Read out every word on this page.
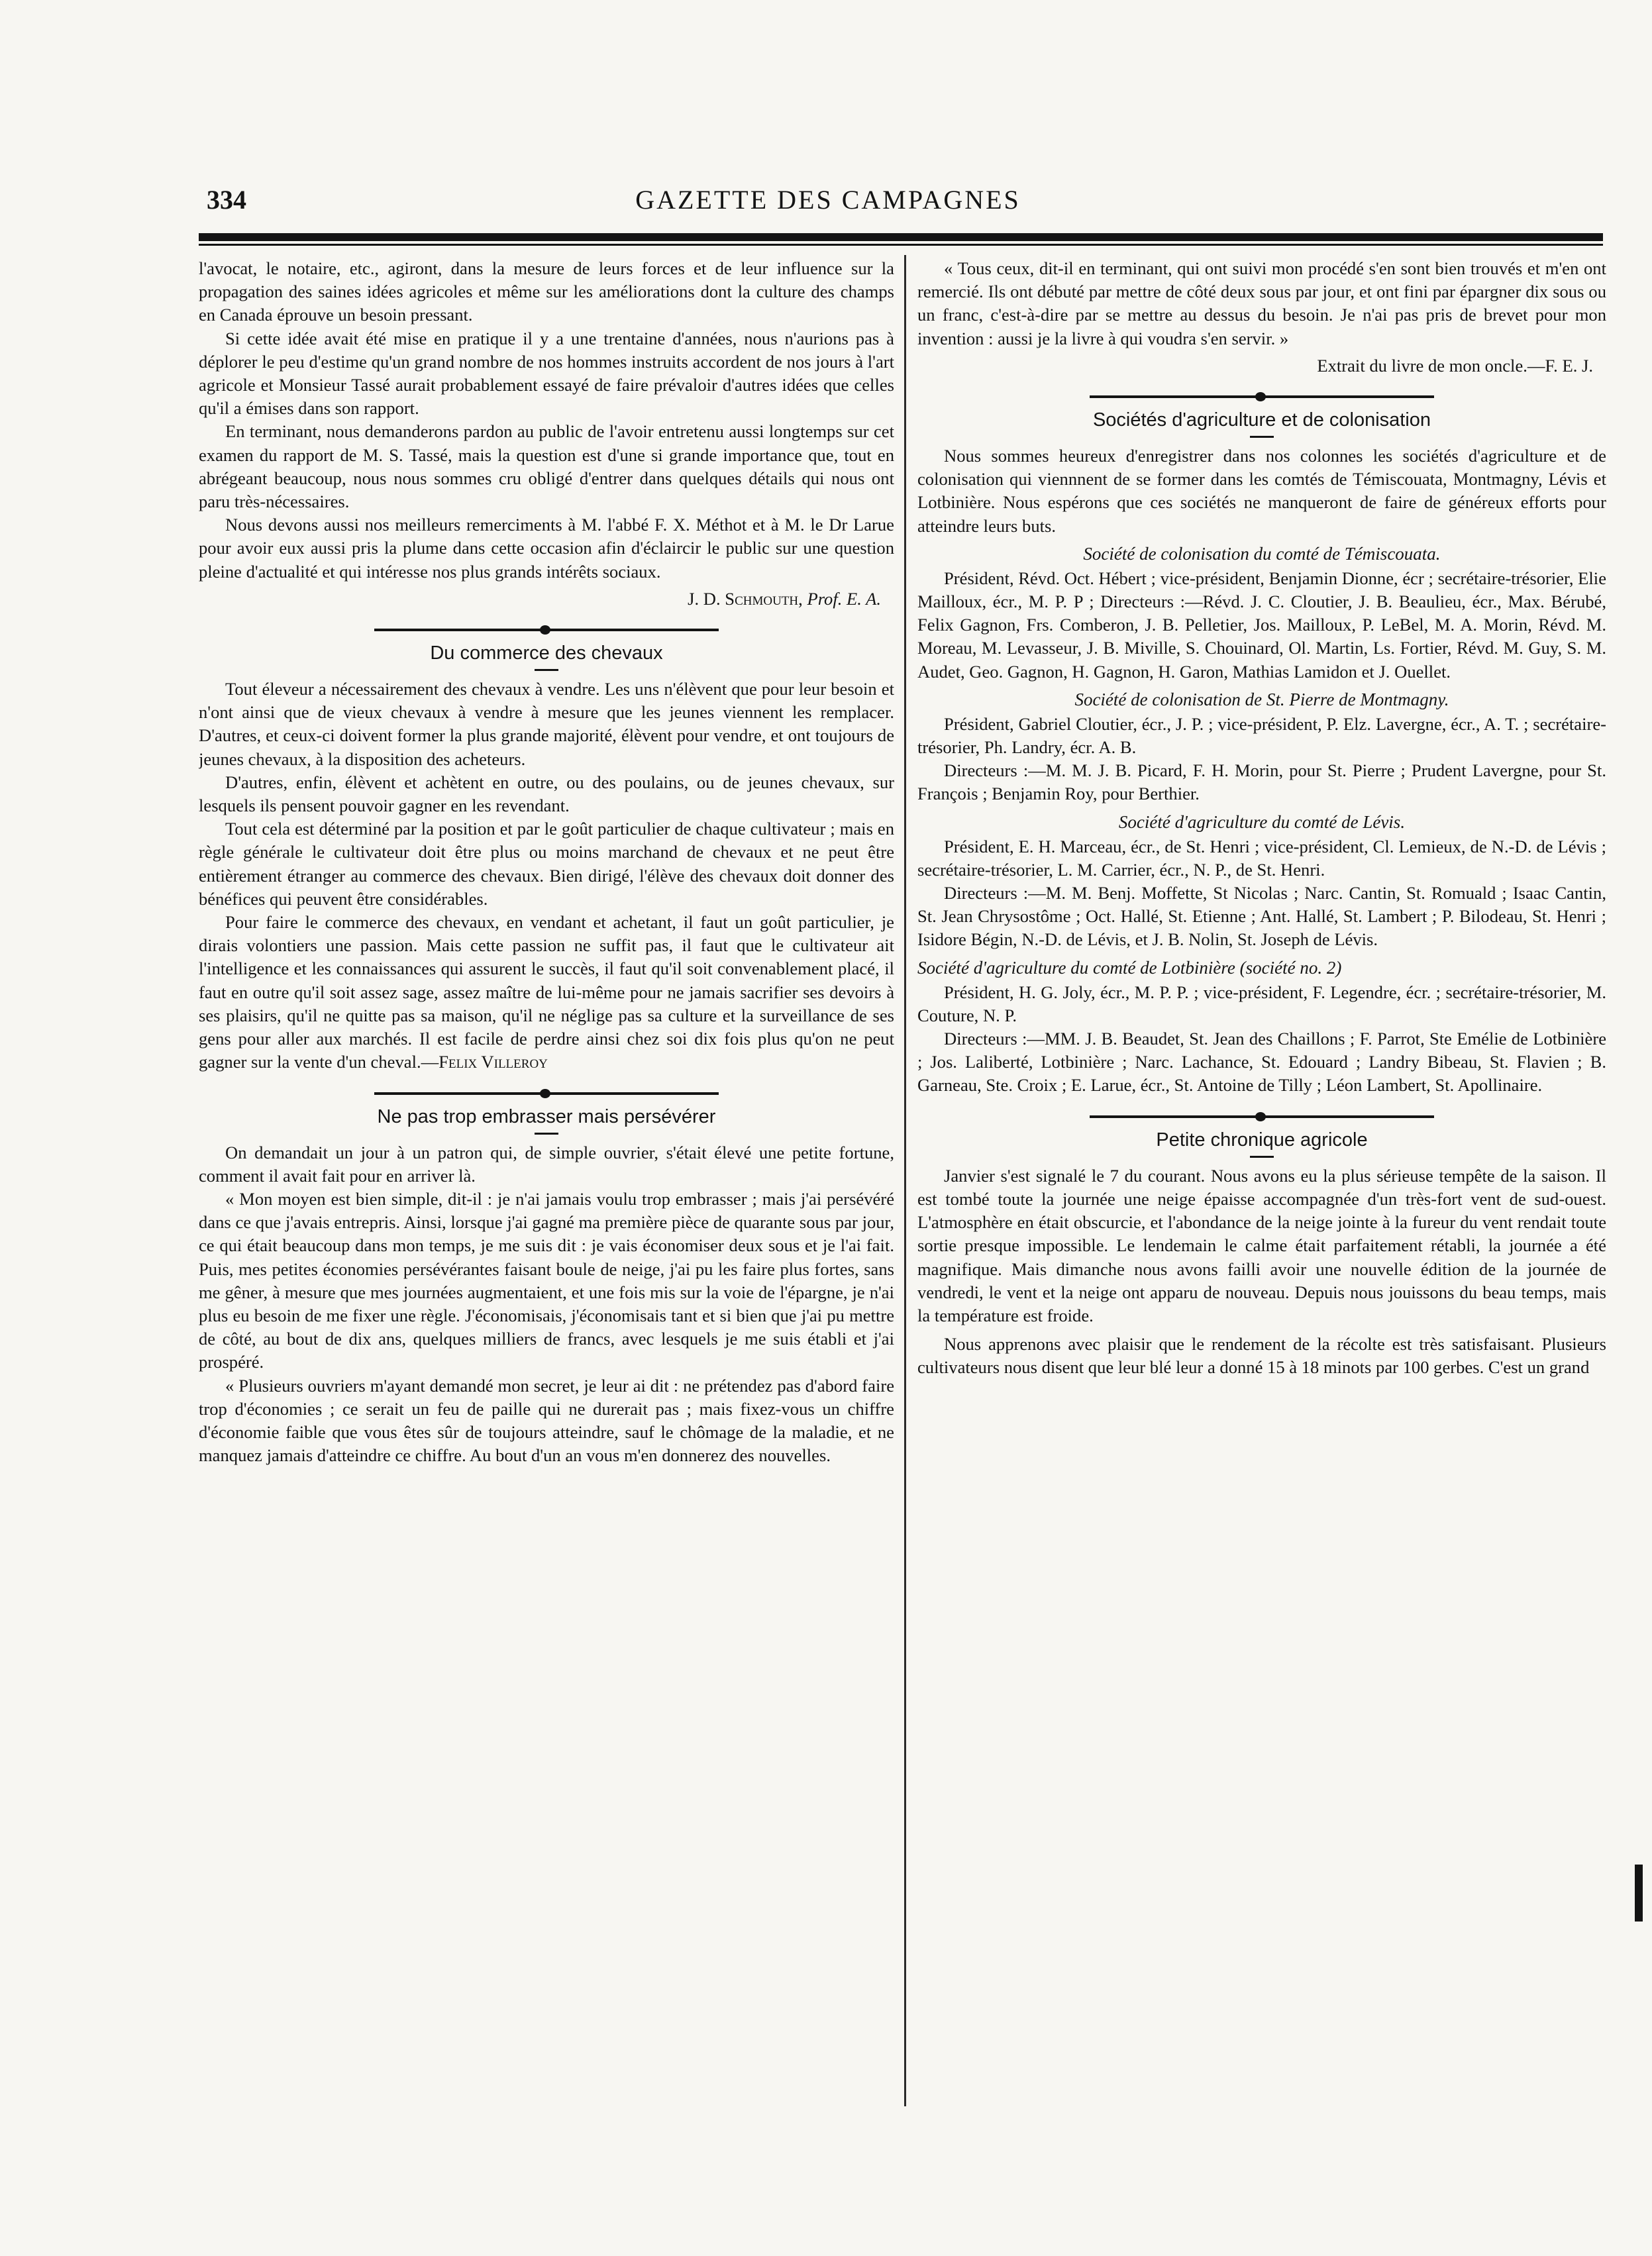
334	GAZETTE DES CAMPAGNES

l'avocat, le notaire, etc., agiront, dans la mesure de leurs forces et de leur influence sur la propagation des saines idées agricoles et même sur les améliorations dont la culture des champs en Canada éprouve un besoin pressant.

Si cette idée avait été mise en pratique il y a une trentaine d'années, nous n'aurions pas à déplorer le peu d'estime qu'un grand nombre de nos hommes instruits accordent de nos jours à l'art agricole et Monsieur Tassé aurait probablement essayé de faire prévaloir d'autres idées que celles qu'il a émises dans son rapport.

En terminant, nous demanderons pardon au public de l'avoir entretenu aussi longtemps sur cet examen du rapport de M. S. Tassé, mais la question est d'une si grande importance que, tout en abrégeant beaucoup, nous nous sommes cru obligé d'entrer dans quelques détails qui nous ont paru très-nécessaires.

Nous devons aussi nos meilleurs remerciments à M. l'abbé F. X. Méthot et à M. le Dr Larue pour avoir eux aussi pris la plume dans cette occasion afin d'éclaircir le public sur une question pleine d'actualité et qui intéresse nos plus grands intérêts sociaux.

J. D. Schmouth, Prof. E. A.

Du commerce des chevaux

Tout éleveur a nécessairement des chevaux à vendre. Les uns n'élèvent que pour leur besoin et n'ont ainsi que de vieux chevaux à vendre à mesure que les jeunes viennent les remplacer. D'autres, et ceux-ci doivent former la plus grande majorité, élèvent pour vendre, et ont toujours de jeunes chevaux, à la disposition des acheteurs.

D'autres, enfin, élèvent et achètent en outre, ou des poulains, ou de jeunes chevaux, sur lesquels ils pensent pouvoir gagner en les revendant.

Tout cela est déterminé par la position et par le goût particulier de chaque cultivateur ; mais en règle générale le cultivateur doit être plus ou moins marchand de chevaux et ne peut être entièrement étranger au commerce des chevaux. Bien dirigé, l'élève des chevaux doit donner des bénéfices qui peuvent être considérables.

Pour faire le commerce des chevaux, en vendant et achetant, il faut un goût particulier, je dirais volontiers une passion. Mais cette passion ne suffit pas, il faut que le cultivateur ait l'intelligence et les connaissances qui assurent le succès, il faut qu'il soit convenablement placé, il faut en outre qu'il soit assez sage, assez maître de lui-même pour ne jamais sacrifier ses devoirs à ses plaisirs, qu'il ne quitte pas sa maison, qu'il ne néglige pas sa culture et la surveillance de ses gens pour aller aux marchés. Il est facile de perdre ainsi chez soi dix fois plus qu'on ne peut gagner sur la vente d'un cheval.—Felix Villeroy

Ne pas trop embrasser mais persévérer

On demandait un jour à un patron qui, de simple ouvrier, s'était élevé une petite fortune, comment il avait fait pour en arriver là.

« Mon moyen est bien simple, dit-il : je n'ai jamais voulu trop embrasser ; mais j'ai persévéré dans ce que j'avais entrepris. Ainsi, lorsque j'ai gagné ma première pièce de quarante sous par jour, ce qui était beaucoup dans mon temps, je me suis dit : je vais économiser deux sous et je l'ai fait. Puis, mes petites économies persévérantes faisant boule de neige, j'ai pu les faire plus fortes, sans me gêner, à mesure que mes journées augmentaient, et une fois mis sur la voie de l'épargne, je n'ai plus eu besoin de me fixer une règle. J'économisais, j'économisais tant et si bien que j'ai pu mettre de côté, au bout de dix ans, quelques milliers de francs, avec lesquels je me suis établi et j'ai prospéré.

« Plusieurs ouvriers m'ayant demandé mon secret, je leur ai dit : ne prétendez pas d'abord faire trop d'économies ; ce serait un feu de paille qui ne durerait pas ; mais fixez-vous un chiffre d'économie faible que vous êtes sûr de toujours atteindre, sauf le chômage de la maladie, et ne manquez jamais d'atteindre ce chiffre. Au bout d'un an vous m'en donnerez des nouvelles.

« Tous ceux, dit-il en terminant, qui ont suivi mon procédé s'en sont bien trouvés et m'en ont remercié. Ils ont débuté par mettre de côté deux sous par jour, et ont fini par épargner dix sous ou un franc, c'est-à-dire par se mettre au dessus du besoin. Je n'ai pas pris de brevet pour mon invention : aussi je la livre à qui voudra s'en servir. »

Extrait du livre de mon oncle.—F. E. J.

Sociétés d'agriculture et de colonisation

Nous sommes heureux d'enregistrer dans nos colonnes les sociétés d'agriculture et de colonisation qui viennnent de se former dans les comtés de Témiscouata, Montmagny, Lévis et Lotbinière. Nous espérons que ces sociétés ne manqueront de faire de généreux efforts pour atteindre leurs buts.

Société de colonisation du comté de Témiscouata.

Président, Révd. Oct. Hébert ; vice-président, Benjamin Dionne, écr ; secrétaire-trésorier, Elie Mailloux, écr., M. P. P ; Directeurs :—Révd. J. C. Cloutier, J. B. Beaulieu, écr., Max. Bérubé, Felix Gagnon, Frs. Comberon, J. B. Pelletier, Jos. Mailloux, P. LeBel, M. A. Morin, Révd. M. Moreau, M. Levasseur, J. B. Miville, S. Chouinard, Ol. Martin, Ls. Fortier, Révd. M. Guy, S. M. Audet, Geo. Gagnon, H. Gagnon, H. Garon, Mathias Lamidon et J. Ouellet.

Société de colonisation de St. Pierre de Montmagny.

Président, Gabriel Cloutier, écr., J. P. ; vice-président, P. Elz. Lavergne, écr., A. T. ; secrétaire-trésorier, Ph. Landry, écr. A. B.

Directeurs :—M. M. J. B. Picard, F. H. Morin, pour St. Pierre ; Prudent Lavergne, pour St. François ; Benjamin Roy, pour Berthier.

Société d'agriculture du comté de Lévis.

Président, E. H. Marceau, écr., de St. Henri ; vice-président, Cl. Lemieux, de N.-D. de Lévis ; secrétaire-trésorier, L. M. Carrier, écr., N. P., de St. Henri.

Directeurs :—M. M. Benj. Moffette, St Nicolas ; Narc. Cantin, St. Romuald ; Isaac Cantin, St. Jean Chrysostôme ; Oct. Hallé, St. Etienne ; Ant. Hallé, St. Lambert ; P. Bilodeau, St. Henri ; Isidore Bégin, N.-D. de Lévis, et J. B. Nolin, St. Joseph de Lévis.

Société d'agriculture du comté de Lotbinière (société no. 2)

Président, H. G. Joly, écr., M. P. P. ; vice-président, F. Legendre, écr. ; secrétaire-trésorier, M. Couture, N. P.

Directeurs :—MM. J. B. Beaudet, St. Jean des Chaillons ; F. Parrot, Ste Emélie de Lotbinière ; Jos. Laliberté, Lotbinière ; Narc. Lachance, St. Edouard ; Landry Bibeau, St. Flavien ; B. Garneau, Ste. Croix ; E. Larue, écr., St. Antoine de Tilly ; Léon Lambert, St. Apollinaire.

Petite chronique agricole

Janvier s'est signalé le 7 du courant. Nous avons eu la plus sérieuse tempête de la saison. Il est tombé toute la journée une neige épaisse accompagnée d'un très-fort vent de sud-ouest. L'atmosphère en était obscurcie, et l'abondance de la neige jointe à la fureur du vent rendait toute sortie presque impossible. Le lendemain le calme était parfaitement rétabli, la journée a été magnifique. Mais dimanche nous avons failli avoir une nouvelle édition de la journée de vendredi, le vent et la neige ont apparu de nouveau. Depuis nous jouissons du beau temps, mais la température est froide.

Nous apprenons avec plaisir que le rendement de la récolte est très satisfaisant. Plusieurs cultivateurs nous disent que leur blé leur a donné 15 à 18 minots par 100 gerbes. C'est un grand
